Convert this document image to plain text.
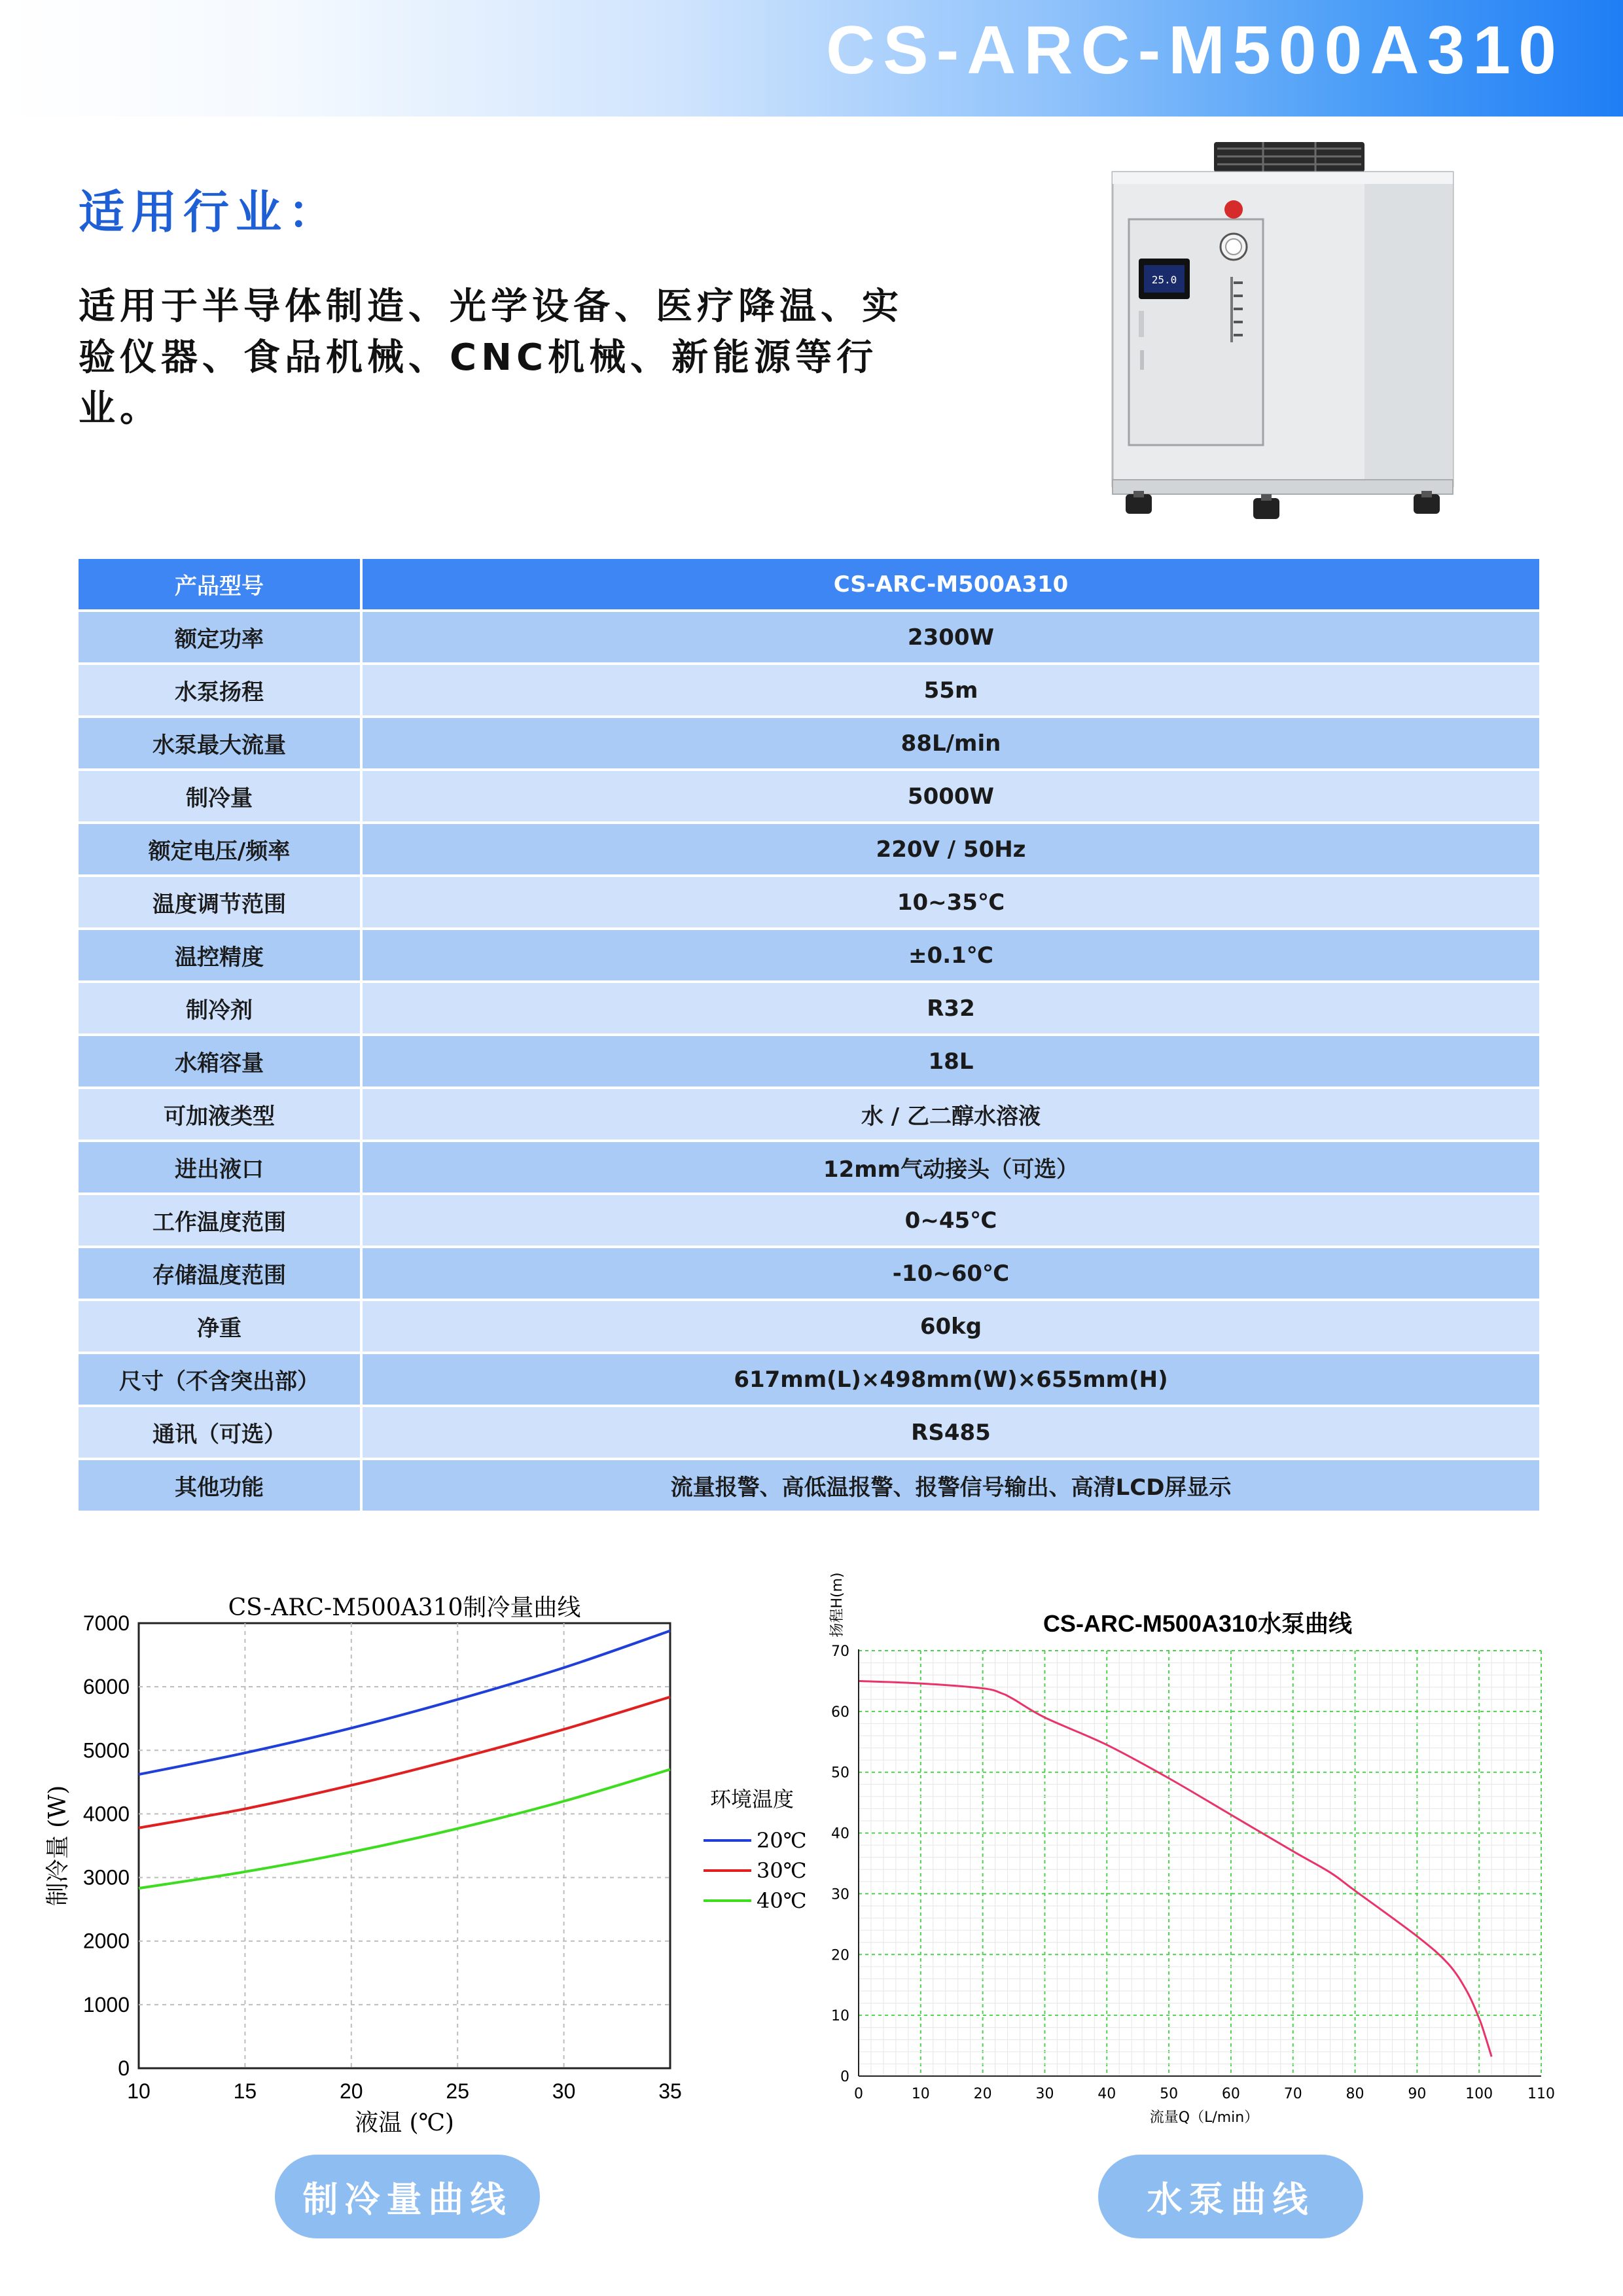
CS-ARC-M500A310
适用行业：
适用于半导体制造、光学设备、医疗降温、实验仪器、食品机械、CNC机械、新能源等行业。
25.0
产品型号	CS-ARC-M500A310
额定功率	2300W
水泵扬程	55m
水泵最大流量	88L/min
制冷量	5000W
额定电压/频率	220V / 50Hz
温度调节范围	10~35℃
温控精度	±0.1℃
制冷剂	R32
水箱容量	18L
可加液类型	水 / 乙二醇水溶液
进出液口	12mm气动接头（可选）
工作温度范围	0~45℃
存储温度范围	-10~60℃
净重	60kg
尺寸（不含突出部）	617mm(L)×498mm(W)×655mm(H)
通讯（可选）	RS485
其他功能	流量报警、高低温报警、报警信号输出、高清LCD屏显示
10	15	20	25	30	35
0
1000
2000
3000
4000
5000
6000
7000
CS-ARC-M500A310制冷量曲线
液温 (℃)
制冷量 (W)	环境温度
20℃
30℃
40℃
0	10	20	30	40	50	60	70	80	90	100 110
0
10
20
30
40
50
60
70
CS-ARC-M500A310水泵曲线
流量Q（L/min）
扬程H(m)
制冷量曲线	水泵曲线
